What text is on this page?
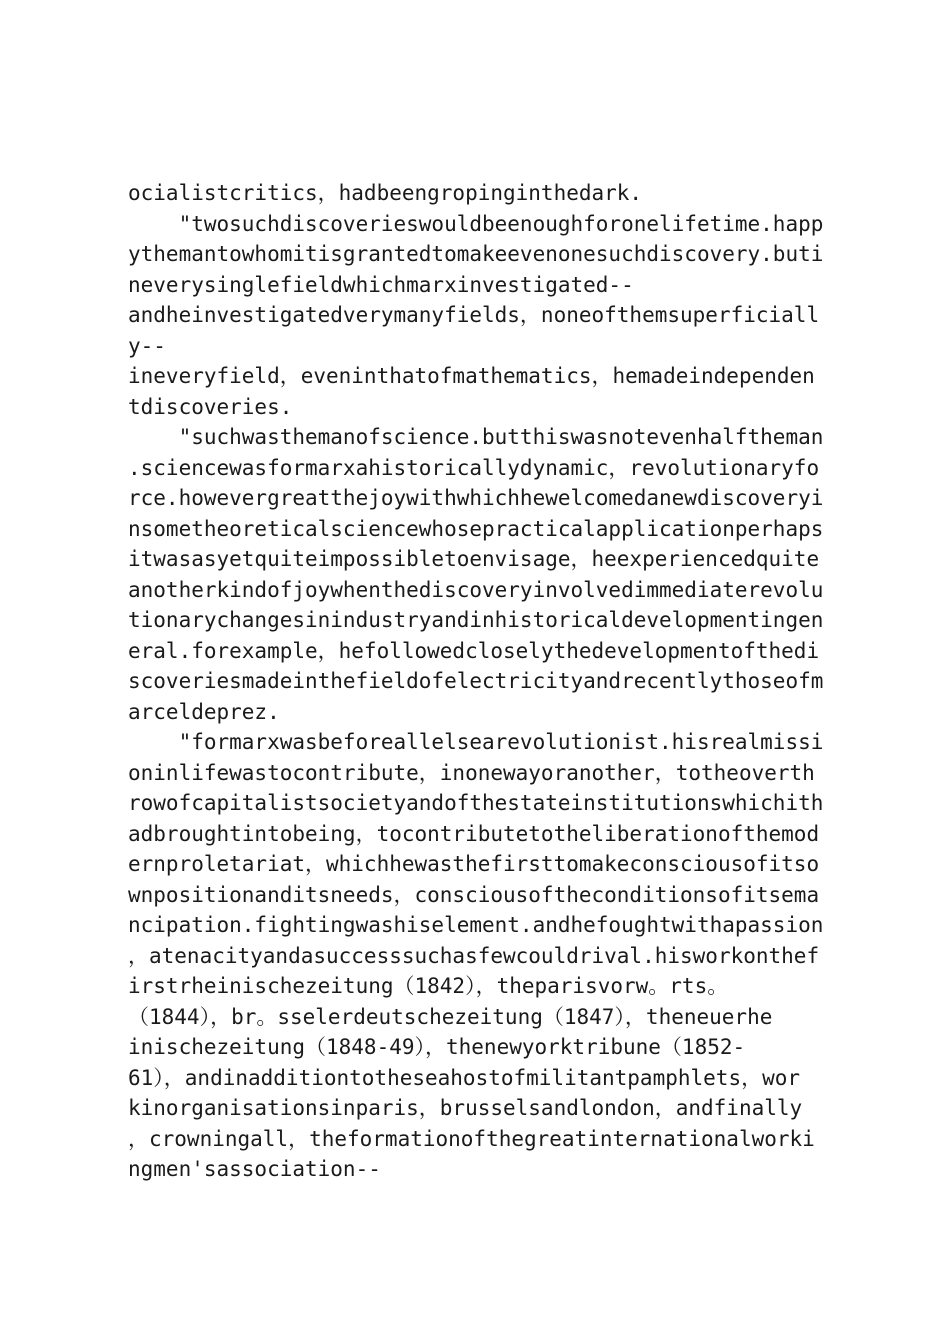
ocialistcritics，hadbeengropinginthedark.
"twosuchdiscoverieswouldbeenoughforonelifetime.happ
ythemantowhomitisgrantedtomakeevenonesuchdiscovery.buti
neverysinglefieldwhichmarxinvestigated--
andheinvestigatedverymanyfields，noneofthemsuperficiall
y--
ineveryfield，eveninthatofmathematics，hemadeindependen
tdiscoveries.
"suchwasthemanofscience.butthiswasnotevenhalftheman
.sciencewasformarxahistoricallydynamic，revolutionaryfo
rce.howevergreatthejoywithwhichhewelcomedanewdiscoveryi
nsometheoreticalsciencewhosepracticalapplicationperhaps
itwasasyetquiteimpossibletoenvisage，heexperiencedquite
anotherkindofjoywhenthediscoveryinvolvedimmediaterevolu
tionarychangesinindustryandinhistoricaldevelopmentingen
eral.forexample，hefollowedcloselythedevelopmentofthedi
scoveriesmadeinthefieldofelectricityandrecentlythoseofm
arceldeprez.
"formarxwasbeforeallelsearevolutionist.hisrealmissi
oninlifewastocontribute，inonewayoranother，totheoverth
rowofcapitalistsocietyandofthestateinstitutionswhichith
adbroughtintobeing，tocontributetotheliberationofthemod
ernproletariat，whichhewasthefirsttomakeconsciousofitso
wnpositionanditsneeds，consciousoftheconditionsofitsema
ncipation.fightingwashiselement.andhefoughtwithapassion
，atenacityandasuccesssuchasfewcouldrival.hisworkonthef
irstrheinischezeitung（1842），theparisvorw。rts。
（1844），br。sselerdeutschezeitung（1847），theneuerhe
inischezeitung（1848-49），thenewyorktribune（1852-
61），andinadditiontotheseahostofmilitantpamphlets，wor
kinorganisationsinparis，brusselsandlondon，andfinally
，crowningall，theformationofthegreatinternationalworki
ngmen'sassociation--
